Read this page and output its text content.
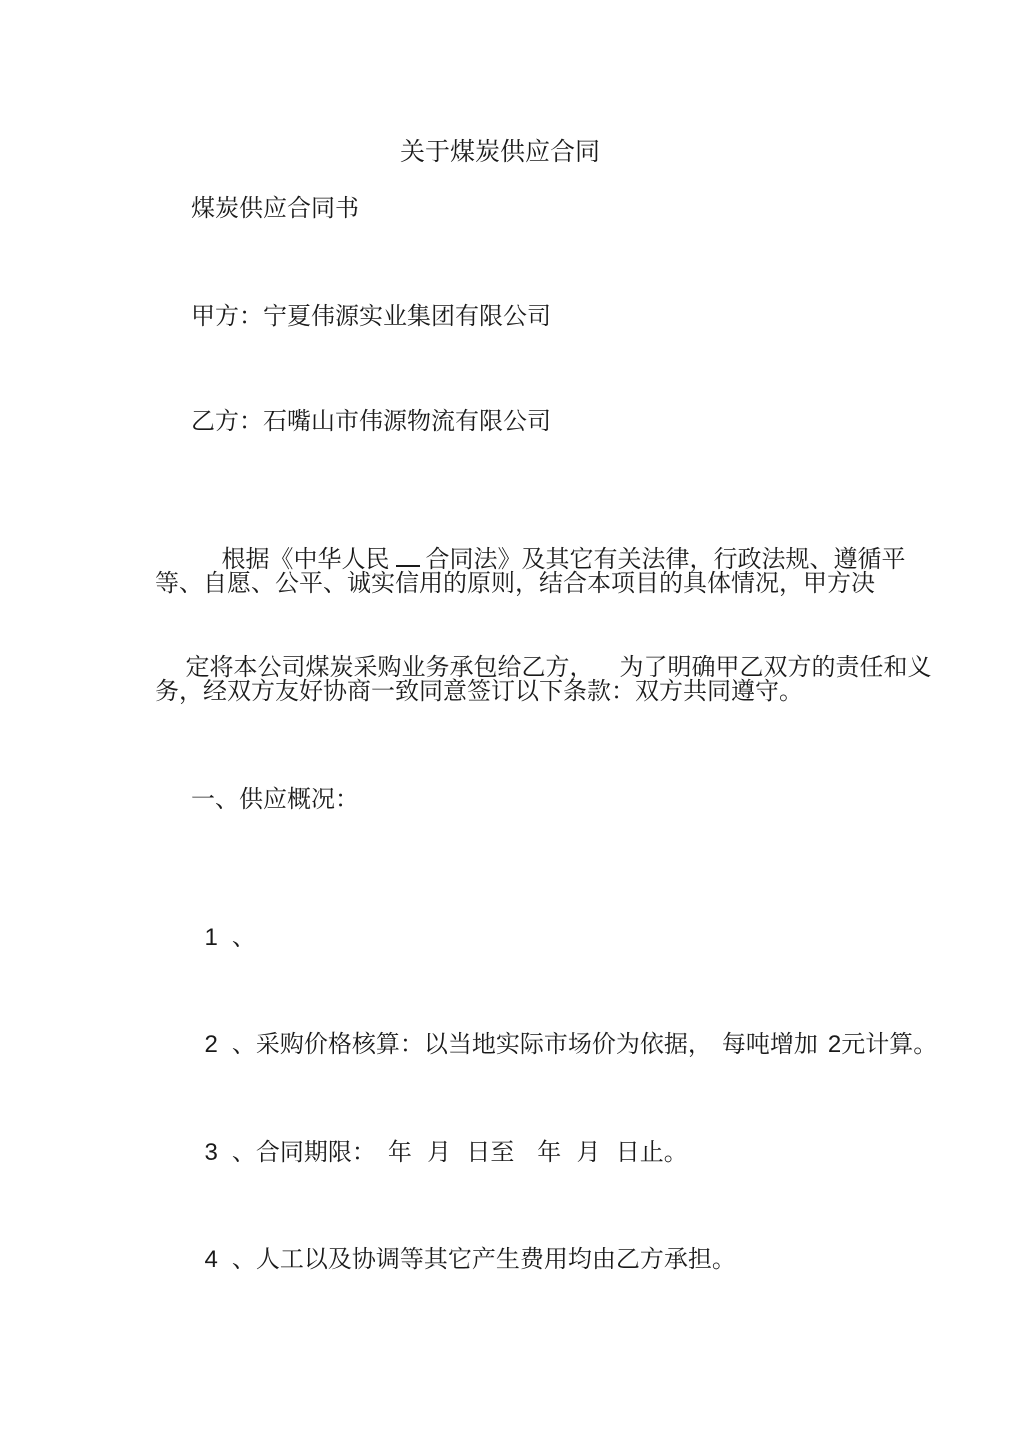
关于煤炭供应合同
煤炭供应合同书
甲方：宁夏伟源实业集团有限公司
乙方：石嘴山市伟源物流有限公司

根据《中华人民 合同法》及其它有关法律，行政法规、遵循平

等、自愿、公平、诚实信用的原则，结合本项目的具体情况，甲方决

定将本公司煤炭采购业务承包给乙方， 为了明确甲乙双方的责任和义

务，经双方友好协商一致同意签订以下条款：双方共同遵守。
一、供应概况：

1 、

2 、采购价格核算：以当地实际市场价为依据， 每吨增加 2元计算。

3 、合同期限： 年  月  日至   年  月  日止。

4 、人工以及协调等其它产生费用均由乙方承担。
